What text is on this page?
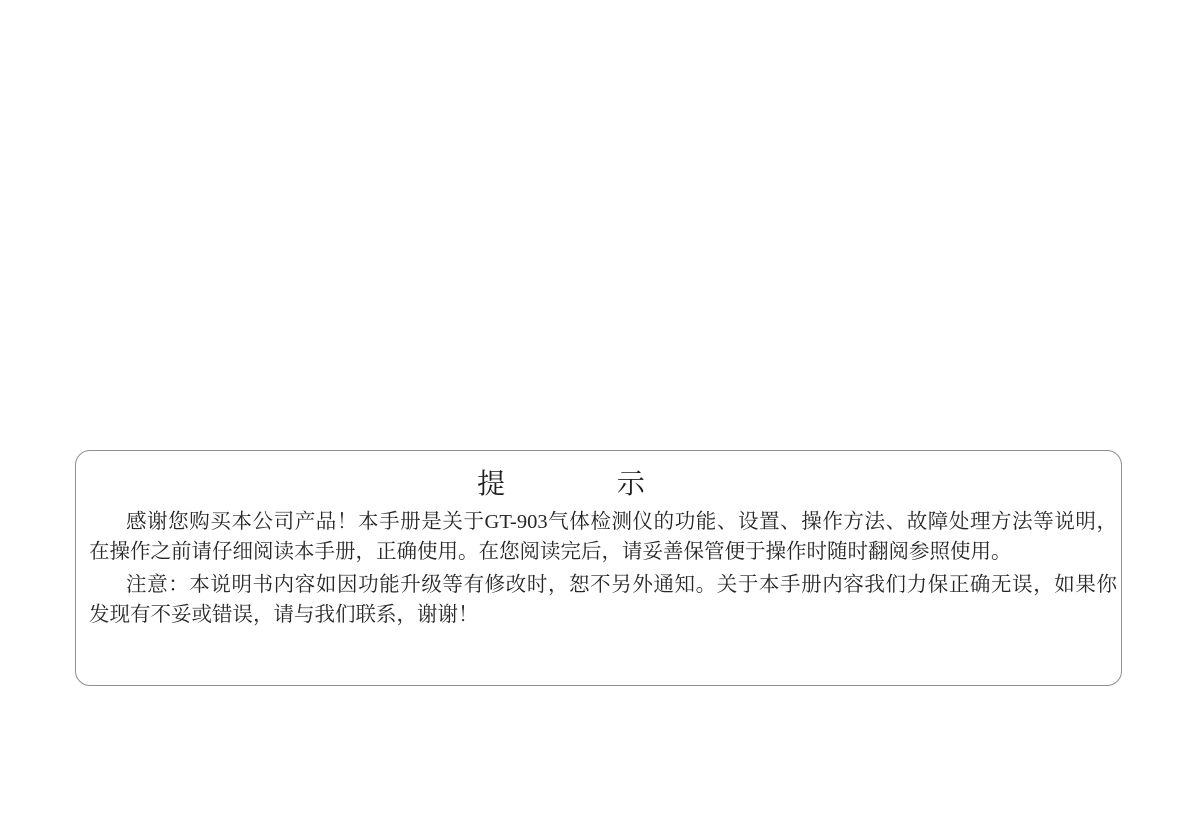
提 示

感谢您购买本公司产品！本手册是关于GT-903气体检测仪的功能、设置、操作方法、故障处理方法等说明，

在操作之前请仔细阅读本手册，正确使用。在您阅读完后，请妥善保管便于操作时随时翻阅参照使用。

注意：本说明书内容如因功能升级等有修改时，恕不另外通知。关于本手册内容我们力保正确无误，如果你

发现有不妥或错误，请与我们联系，谢谢！
